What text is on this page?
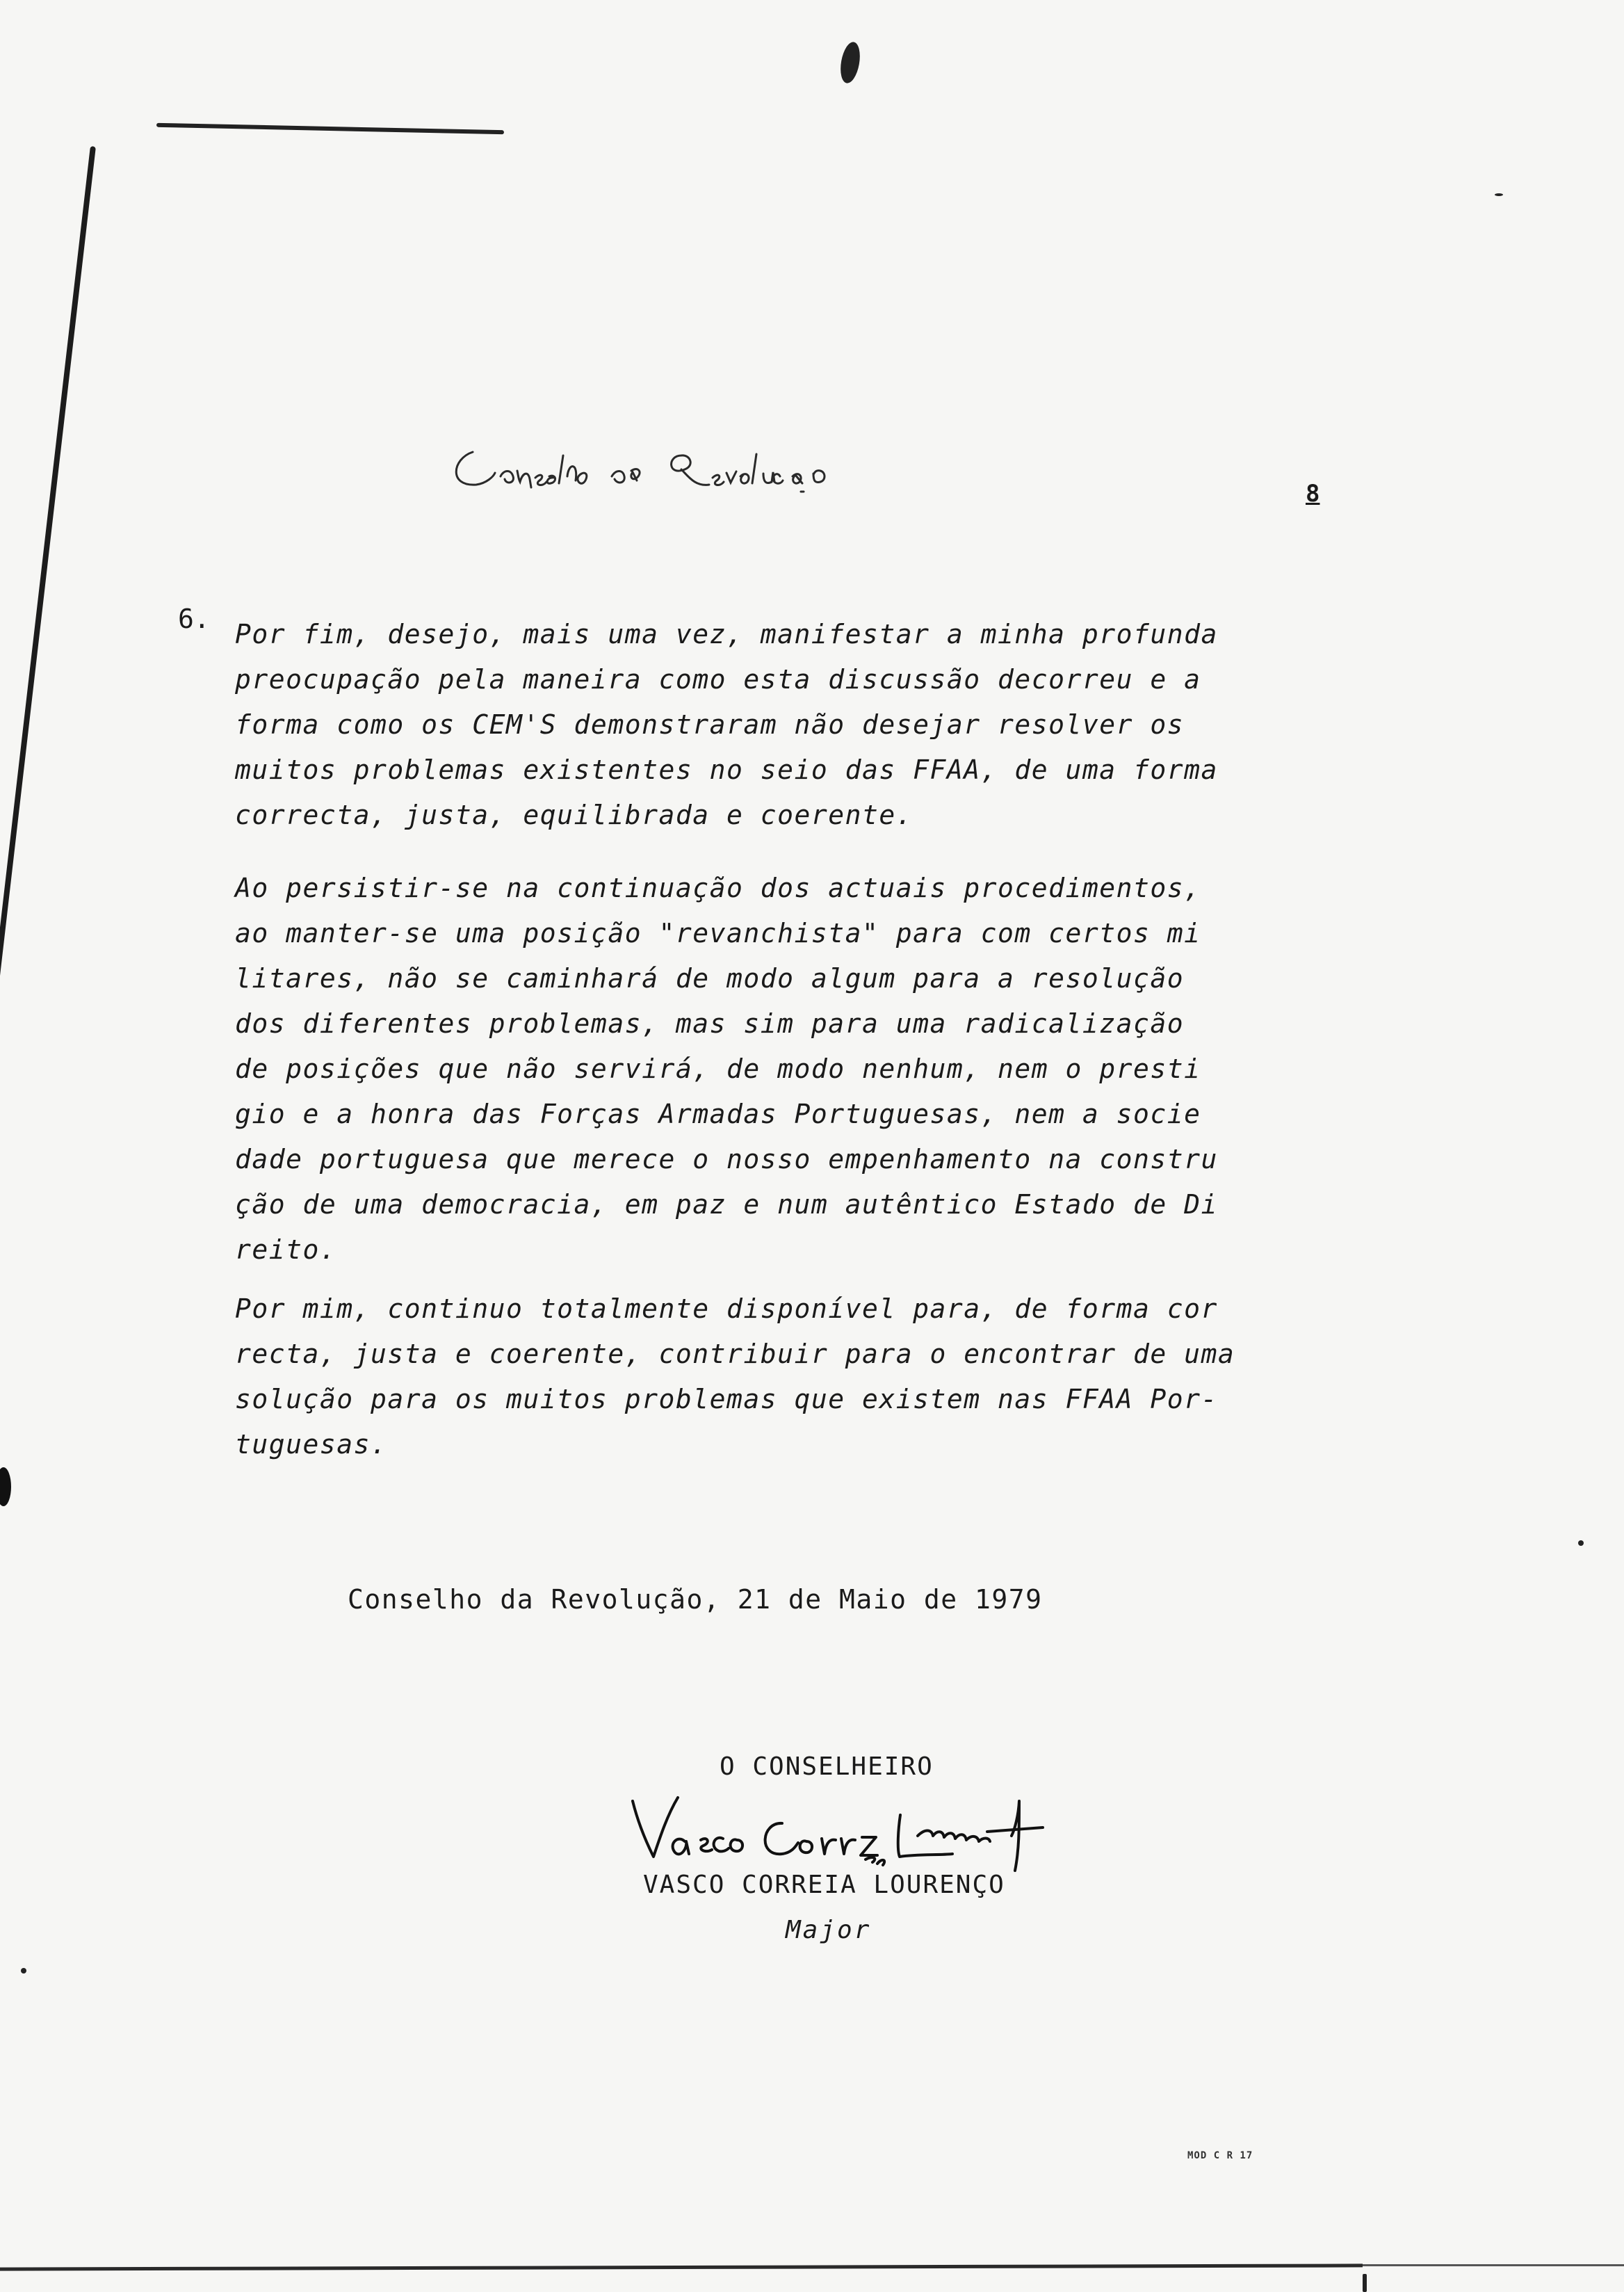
8
6. Por fim, desejo, mais uma vez, manifestar a minha profunda
preocupação pela maneira como esta discussão decorreu e a
forma como os CEM'S demonstraram não desejar resolver os
muitos problemas existentes no seio das FFAA, de uma forma
correcta, justa, equilibrada e coerente.

Ao persistir-se na continuação dos actuais procedimentos,
ao manter-se uma posição "revanchista" para com certos mi
litares, não se caminhará de modo algum para a resolução
dos diferentes problemas, mas sim para uma radicalização
de posições que não servirá, de modo nenhum, nem o presti
gio e a honra das Forças Armadas Portuguesas, nem a socie
dade portuguesa que merece o nosso empenhamento na constru
ção de uma democracia, em paz e num autêntico Estado de Di
reito.

Por mim, continuo totalmente disponível para, de forma cor
recta, justa e coerente, contribuir para o encontrar de uma
solução para os muitos problemas que existem nas FFAA Por-
tuguesas.

Conselho da Revolução, 21 de Maio de 1979
O CONSELHEIRO
VASCO CORREIA LOURENÇO
Major
MOD C R 17
